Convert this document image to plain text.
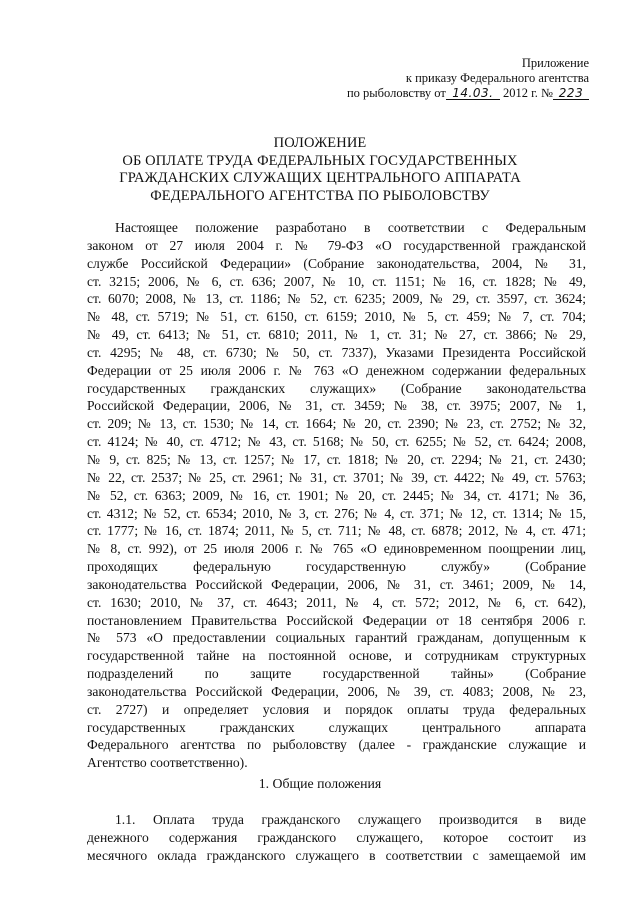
Приложение
к приказу Федерального агентства
по рыболовству от 14.03. 2012 г. № 223
ПОЛОЖЕНИЕ
ОБ ОПЛАТЕ ТРУДА ФЕДЕРАЛЬНЫХ ГОСУДАРСТВЕННЫХ
ГРАЖДАНСКИХ СЛУЖАЩИХ ЦЕНТРАЛЬНОГО АППАРАТА
ФЕДЕРАЛЬНОГО АГЕНТСТВА ПО РЫБОЛОВСТВУ
Настоящее положение разработано в соответствии с Федеральным
законом от 27 июля 2004 г. № 79-ФЗ «О государственной гражданской
службе Российской Федерации» (Собрание законодательства, 2004, № 31,
ст. 3215; 2006, № 6, ст. 636; 2007, № 10, ст. 1151; № 16, ст. 1828; № 49,
ст. 6070; 2008, № 13, ст. 1186; № 52, ст. 6235; 2009, № 29, ст. 3597, ст. 3624;
№ 48, ст. 5719; № 51, ст. 6150, ст. 6159; 2010, № 5, ст. 459; № 7, ст. 704;
№ 49, ст. 6413; № 51, ст. 6810; 2011, № 1, ст. 31; № 27, ст. 3866; № 29,
ст. 4295; № 48, ст. 6730; № 50, ст. 7337), Указами Президента Российской
Федерации от 25 июля 2006 г. № 763 «О денежном содержании федеральных
государственных гражданских служащих» (Собрание законодательства
Российской Федерации, 2006, № 31, ст. 3459; № 38, ст. 3975; 2007, № 1,
ст. 209; № 13, ст. 1530; № 14, ст. 1664; № 20, ст. 2390; № 23, ст. 2752; № 32,
ст. 4124; № 40, ст. 4712; № 43, ст. 5168; № 50, ст. 6255; № 52, ст. 6424; 2008,
№ 9, ст. 825; № 13, ст. 1257; № 17, ст. 1818; № 20, ст. 2294; № 21, ст. 2430;
№ 22, ст. 2537; № 25, ст. 2961; № 31, ст. 3701; № 39, ст. 4422; № 49, ст. 5763;
№ 52, ст. 6363; 2009, № 16, ст. 1901; № 20, ст. 2445; № 34, ст. 4171; № 36,
ст. 4312; № 52, ст. 6534; 2010, № 3, ст. 276; № 4, ст. 371; № 12, ст. 1314; № 15,
ст. 1777; № 16, ст. 1874; 2011, № 5, ст. 711; № 48, ст. 6878; 2012, № 4, ст. 471;
№ 8, ст. 992), от 25 июля 2006 г. № 765 «О единовременном поощрении лиц,
проходящих федеральную государственную службу» (Собрание
законодательства Российской Федерации, 2006, № 31, ст. 3461; 2009, № 14,
ст. 1630; 2010, № 37, ст. 4643; 2011, № 4, ст. 572; 2012, № 6, ст. 642),
постановлением Правительства Российской Федерации от 18 сентября 2006 г.
№ 573 «О предоставлении социальных гарантий гражданам, допущенным к
государственной тайне на постоянной основе, и сотрудникам структурных
подразделений по защите государственной тайны» (Собрание
законодательства Российской Федерации, 2006, № 39, ст. 4083; 2008, № 23,
ст. 2727) и определяет условия и порядок оплаты труда федеральных
государственных гражданских служащих центрального аппарата
Федерального агентства по рыболовству (далее - гражданские служащие и
Агентство соответственно).
1. Общие положения
1.1. Оплата труда гражданского служащего производится в виде
денежного содержания гражданского служащего, которое состоит из
месячного оклада гражданского служащего в соответствии с замещаемой им
